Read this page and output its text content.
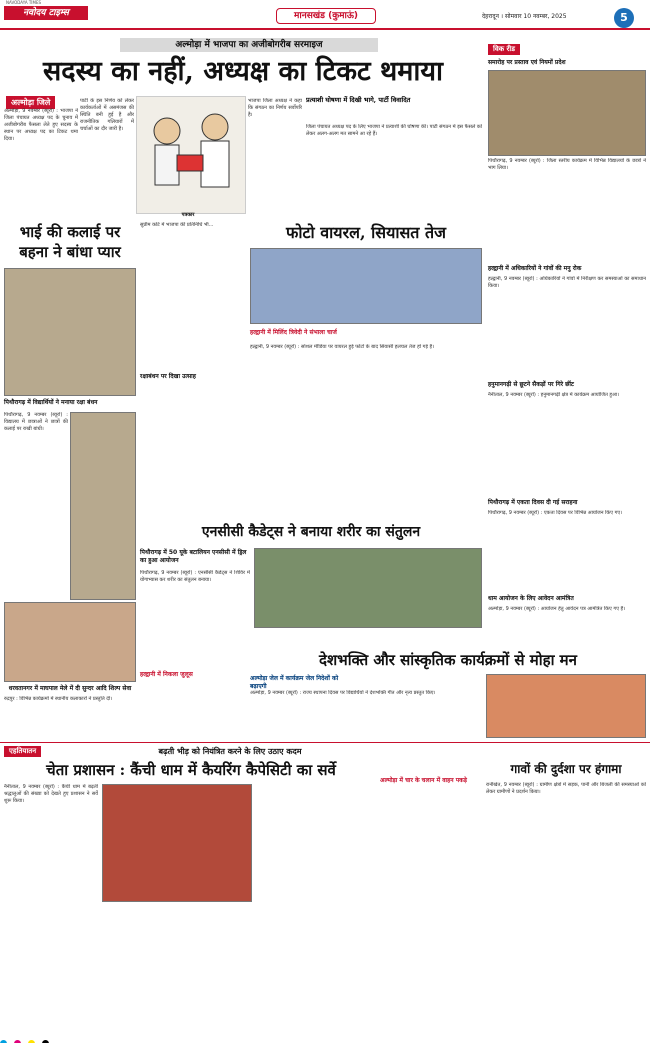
NAVODAYA TIMES
नवोदय टाइम्स	मानसखंड (कुमाऊं)	देहरादून । सोमवार 10 नवम्बर, 2025	5
अल्मोड़ा में भाजपा का अजीबोगरीब सरमाइज
सदस्य का नहीं, अध्यक्ष का टिकट थमाया
अल्मोड़ा जिले
अल्मोड़ा, 9 नवम्बर (ब्यूरो) : भाजपा ने जिला पंचायत अध्यक्ष पद के चुनाव में अजीबोगरीब फैसला लेते हुए सदस्य के स्थान पर अध्यक्ष पद का टिकट थमा दिया।
पार्टी के इस निर्णय को लेकर कार्यकर्ताओं में असमंजस की स्थिति बनी हुई है और राजनीतिक गलियारों में चर्चाओं का दौर जारी है।
पत्रकार
भाजपा जिला अध्यक्ष ने कहा कि संगठन का निर्णय सर्वोपरि है।
प्रत्याशी घोषणा में दिखी भागे, पार्टी विवादित
जिला पंचायत अध्यक्ष पद के लिए भाजपा ने प्रत्याशी की घोषणा की। पार्टी संगठन में इस फैसले को लेकर अलग-अलग मत सामने आ रहे हैं।
भाई की कलाई पर बहना ने बांधा प्यार
पिथौरागढ़ में विद्यार्थियों ने मनाया रक्षा बंधन
पिथौरागढ़, 9 नवम्बर (ब्यूरो) : विद्यालय में छात्राओं ने छात्रों की कलाई पर राखी बांधी।
रक्षाबंधन पर दिखा उत्साह
सुप्रीम कोर्ट में भाजपा की प्रतिनिधि भी...	फोटो वायरल, सियासत तेज
हल्द्वानी में मिलिंद त्रिवेदी ने संभाला चार्ज
हल्द्वानी, 9 नवम्बर (ब्यूरो) : सोशल मीडिया पर वायरल हुई फोटो के बाद सियासी हलचल तेज हो गई है।
एनसीसी कैडेट्स ने बनाया शरीर का संतुलन
पिथौरागढ़ में 50 यूके बटालियन एनसीसी में ड्रिल का हुआ आयोजन
पिथौरागढ़, 9 नवम्बर (ब्यूरो) : एनसीसी कैडेट्स ने शिविर में योगाभ्यास कर शरीर का संतुलन बनाया।
हल्द्वानी में निकला जुलूस
धरवतानगर में माघपाल मेले में दी सुन्दर आदि शिल्प सेवा
रुद्रपुर : विभिन्न कार्यक्रमों में स्थानीय कलाकारों ने प्रस्तुति दी।
देशभक्ति और सांस्कृतिक कार्यक्रमों से मोहा मन
अल्मोड़ा जेल में कार्यक्रम जेल निदेशों को बढ़ाएगी
अल्मोड़ा, 9 नवम्बर (ब्यूरो) : राज्य स्थापना दिवस पर विद्यार्थियों ने देशभक्ति गीत और नृत्य प्रस्तुत किए।
एहतियातन	बढ़ती भीड़ को नियंत्रित करने के लिए उठाए कदम
चेता प्रशासन : कैंची धाम में कैयरिंग कैपेसिटी का सर्वे
नैनीताल, 9 नवम्बर (ब्यूरो) : कैंची धाम में बढ़ती श्रद्धालुओं की संख्या को देखते हुए प्रशासन ने सर्वे शुरू किया।
अल्मोड़ा में चार के चलान में वाहन पकड़े
गावों की दुर्दशा पर हंगामा
रानीखेत, 9 नवम्बर (ब्यूरो) : ग्रामीण क्षेत्रों में सड़क, पानी और बिजली की समस्याओं को लेकर ग्रामीणों ने प्रदर्शन किया।
विक रीड
समारोह पर प्रस्ताव एवं नियमों प्रदेश
पिथौरागढ़, 9 नवम्बर (ब्यूरो) : जिला स्तरीय कार्यक्रम में विभिन्न विद्यालयों के छात्रों ने भाग लिया।
हल्द्वानी में अधिकारियों ने गांवों की मनु रोक
हल्द्वानी, 9 नवम्बर (ब्यूरो) : अधिकारियों ने गांवों में निरीक्षण कर समस्याओं का समाधान किया।
हनुमानगढ़ी से छूटने सैकड़ों पर गिरे छींट
नैनीताल, 9 नवम्बर (ब्यूरो) : हनुमानगढ़ी क्षेत्र में कार्यक्रम आयोजित हुआ।
पिथौरागढ़ में एकता दिवस दी गई सराहना
पिथौरागढ़, 9 नवम्बर (ब्यूरो) : एकता दिवस पर विभिन्न आयोजन किए गए।
धाम आयोजन के लिए आवेदन आमंत्रित
अल्मोड़ा, 9 नवम्बर (ब्यूरो) : आयोजन हेतु आवेदन पत्र आमंत्रित किए गए हैं।
